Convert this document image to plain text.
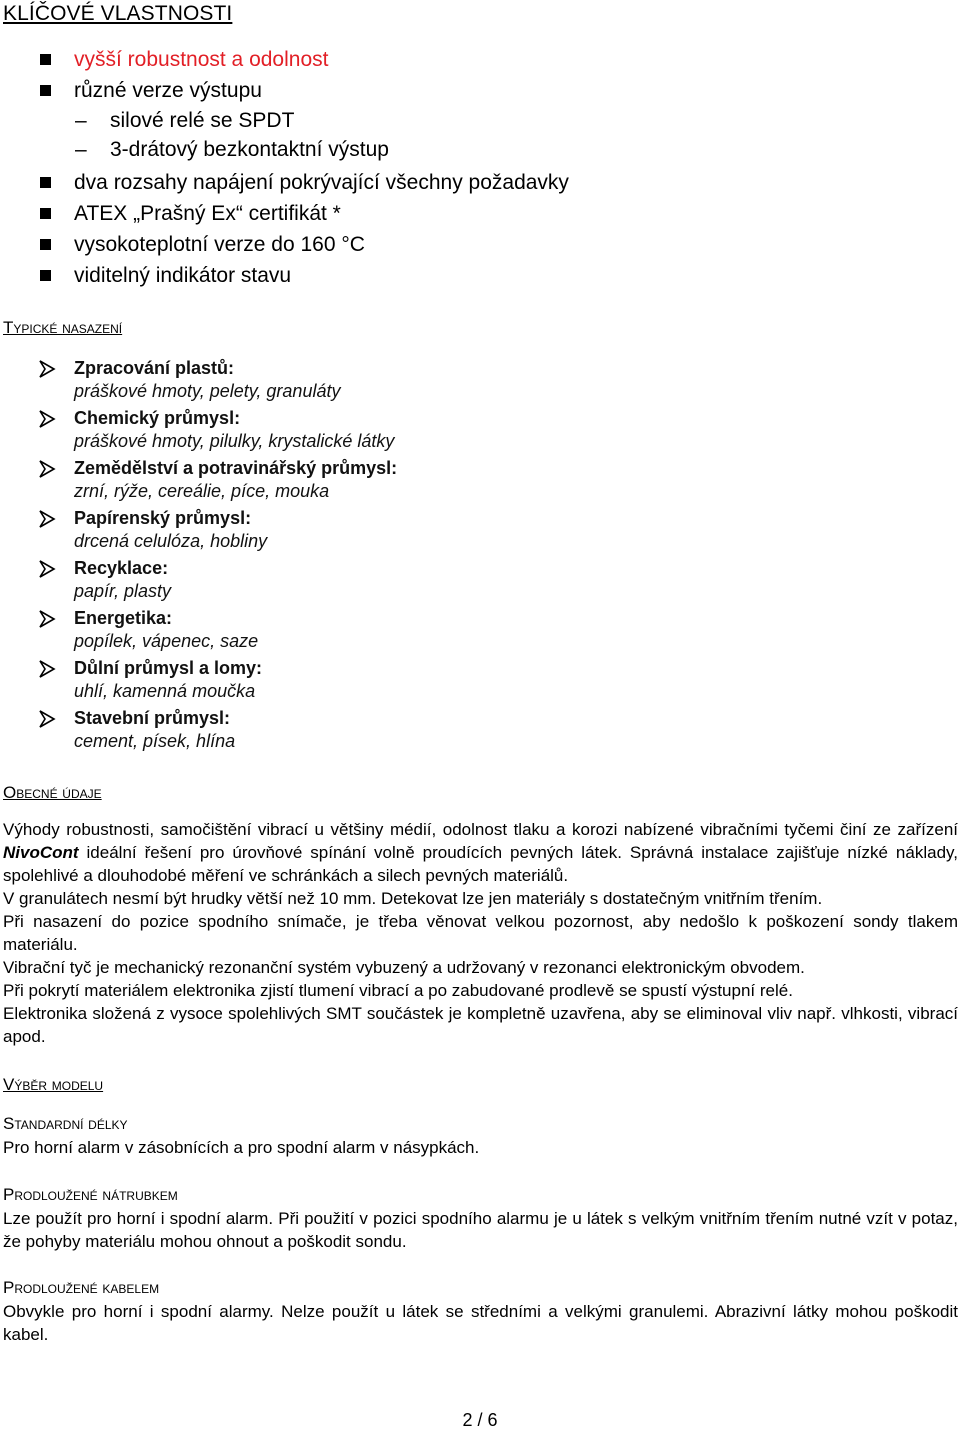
KLÍČOVÉ VLASTNOSTI
vyšší robustnost a odolnost
různé verze výstupu
– silové relé se SPDT
– 3-drátový bezkontaktní výstup
dva rozsahy napájení pokrývající všechny požadavky
ATEX „Prašný Ex“ certifikát *
vysokoteplotní verze do 160 °C
viditelný indikátor stavu
Typické nasazení
Zpracování plastů:
práškové hmoty, pelety, granuláty
Chemický průmysl:
práškové hmoty, pilulky, krystalické látky
Zemědělství a potravinářský průmysl:
zrní, rýže, cereálie, píce, mouka
Papírenský průmysl:
drcená celulóza, hobliny
Recyklace:
papír, plasty
Energetika:
popílek, vápenec, saze
Důlní průmysl a lomy:
uhlí, kamenná moučka
Stavební průmysl:
cement, písek, hlína
Obecné údaje

Výhody robustnosti, samočištění vibrací u většiny médií, odolnost tlaku a korozi nabízené vibračními tyčemi činí ze zařízení NivoCont ideální řešení pro úrovňové spínání volně proudících pevných látek. Správná instalace zajišťuje nízké náklady, spolehlivé a dlouhodobé měření ve schránkách a silech pevných materiálů.

V granulátech nesmí být hrudky větší než 10 mm. Detekovat lze jen materiály s dostatečným vnitřním třením.

Při nasazení do pozice spodního snímače, je třeba věnovat velkou pozornost, aby nedošlo k poškození sondy tlakem materiálu.

Vibrační tyč je mechanický rezonanční systém vybuzený a udržovaný v rezonanci elektronickým obvodem.

Při pokrytí materiálem elektronika zjistí tlumení vibrací a po zabudované prodlevě se spustí výstupní relé.

Elektronika složená z vysoce spolehlivých SMT součástek je kompletně uzavřena, aby se eliminoval vliv např. vlhkosti, vibrací apod.

Výběr modelu
Standardní délky

Pro horní alarm v zásobnících a pro spodní alarm v násypkách.

Prodloužené nátrubkem

Lze použít pro horní i spodní alarm. Při použití v pozici spodního alarmu je u látek s velkým vnitřním třením nutné vzít v potaz, že pohyby materiálu mohou ohnout a poškodit sondu.

Prodloužené kabelem

Obvykle pro horní i spodní alarmy. Nelze použít u látek se středními a velkými granulemi. Abrazivní látky mohou poškodit kabel.

2 / 6
